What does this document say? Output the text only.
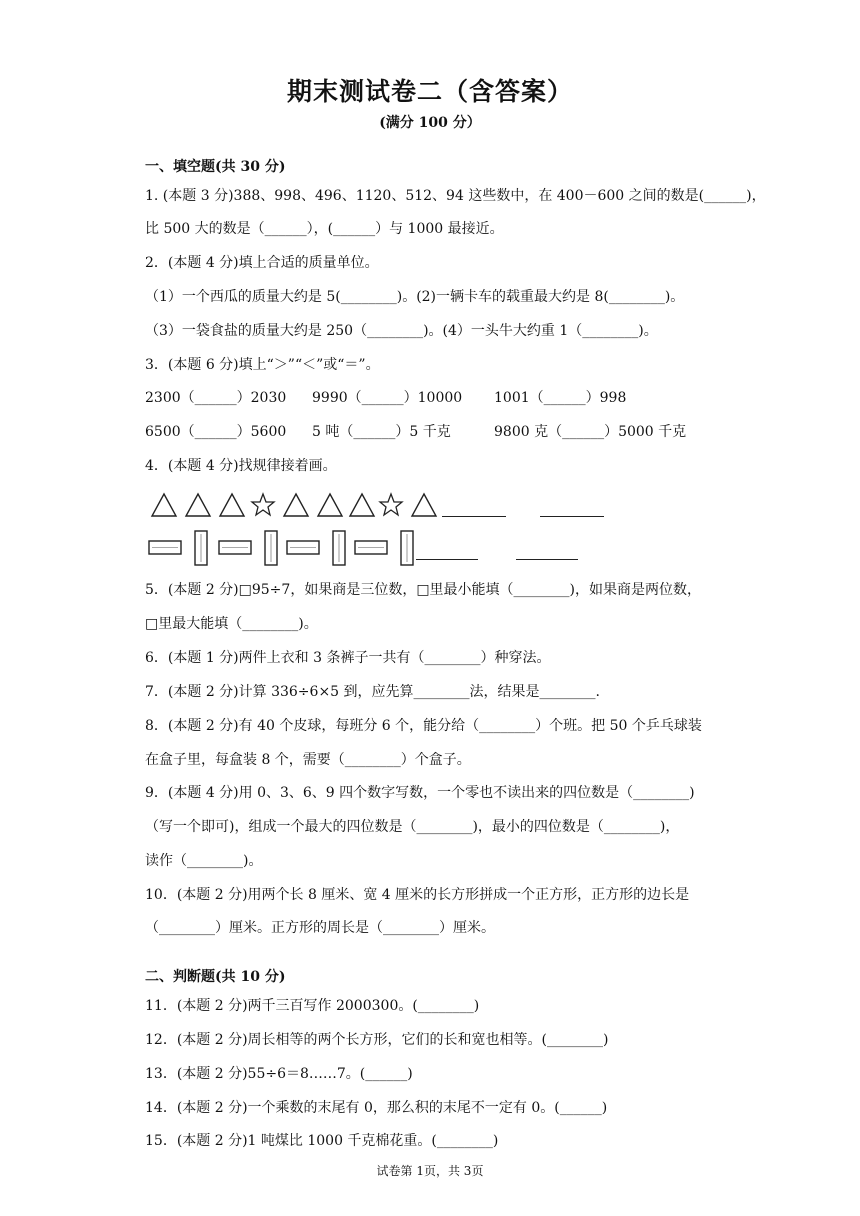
期末测试卷二（含答案）
(满分 100 分）
一、填空题(共 30 分)
1. (本题 3 分)388、998、496、1120、512、94 这些数中，在 400－600 之间的数是(______)，
比 500 大的数是（______），(______）与 1000 最接近。
2．(本题 4 分)填上合适的质量单位。
（1）一个西瓜的质量大约是 5(________)。(2)一辆卡车的载重最大约是 8(________)。
（3）一袋食盐的质量大约是 250（________)。(4）一头牛大约重 1（________)。
3．(本题 6 分)填上“＞”“＜”或“＝”。
2300（______）2030 9990（______）10000 1001（______）998
6500（______）5600 5 吨（______）5 千克	9800 克（______）5000 千克
4．(本题 4 分)找规律接着画。
5．(本题 2 分)□95÷7，如果商是三位数，□里最小能填（________)，如果商是两位数，
□里最大能填（________)。
6．(本题 1 分)两件上衣和 3 条裤子一共有（________）种穿法。
7．(本题 2 分)计算 336÷6×5 到，应先算________法，结果是________.
8．(本题 2 分)有 40 个皮球，每班分 6 个，能分给（________）个班。把 50 个乒乓球装
在盒子里，每盒装 8 个，需要（________）个盒子。
9．(本题 4 分)用 0、3、6、9 四个数字写数，一个零也不读出来的四位数是（________)
（写一个即可)，组成一个最大的四位数是（________)，最小的四位数是（________)，
读作（________)。
10．(本题 2 分)用两个长 8 厘米、宽 4 厘米的长方形拼成一个正方形，正方形的边长是
（________）厘米。正方形的周长是（________）厘米。
二、判断题(共 10 分)
11．(本题 2 分)两千三百写作 2000300。(________)
12．(本题 2 分)周长相等的两个长方形，它们的长和宽也相等。(________)
13．(本题 2 分)55÷6＝8……7。(______)
14．(本题 2 分)一个乘数的末尾有 0，那么积的末尾不一定有 0。(______)
15．(本题 2 分)1 吨煤比 1000 千克棉花重。(________)
试卷第 1页，共 3页
